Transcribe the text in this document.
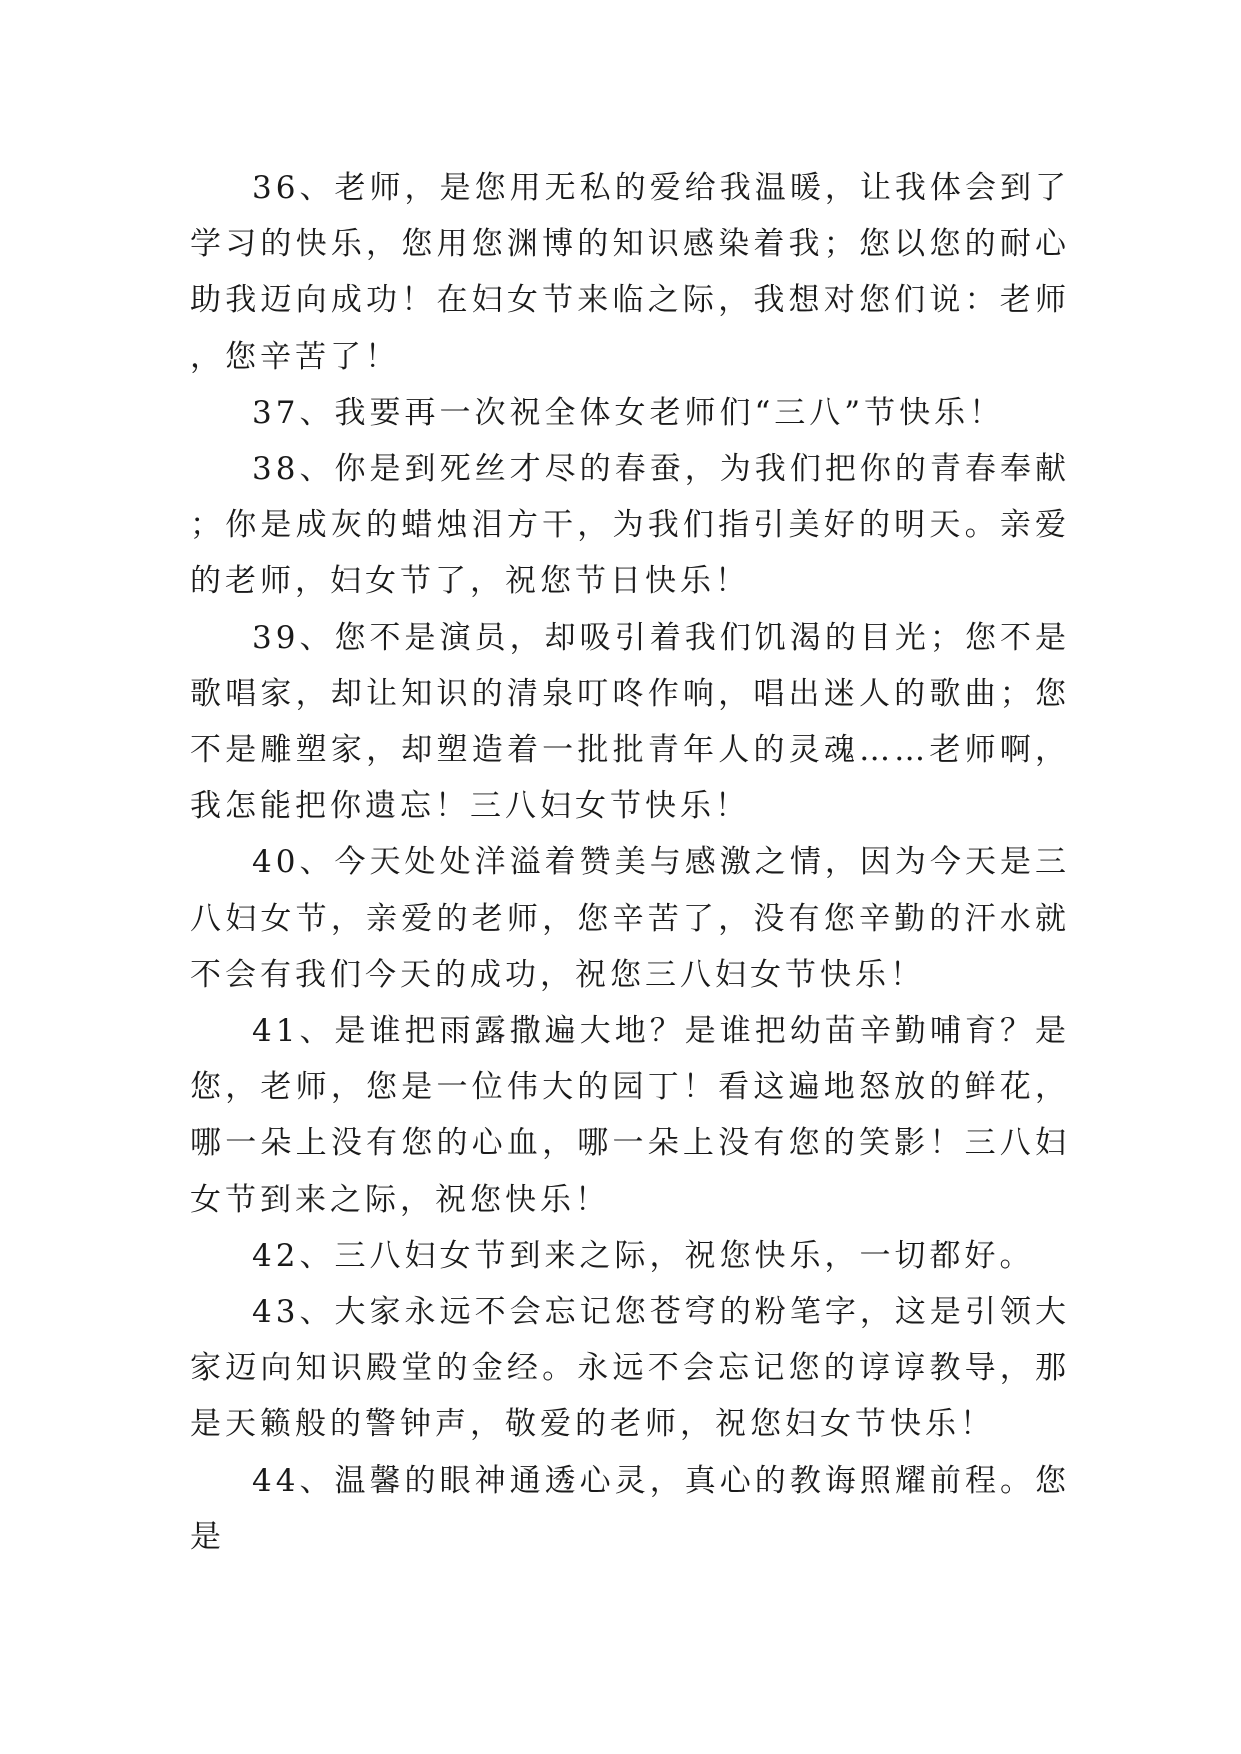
36、老师，是您用无私的爱给我温暖，让我体会到了学习的快乐，您用您渊博的知识感染着我；您以您的耐心助我迈向成功！在妇女节来临之际，我想对您们说：老师，您辛苦了！

37、我要再一次祝全体女老师们“三八”节快乐！

38、你是到死丝才尽的春蚕，为我们把你的青春奉献；你是成灰的蜡烛泪方干，为我们指引美好的明天。亲爱的老师，妇女节了，祝您节日快乐！

39、您不是演员，却吸引着我们饥渴的目光；您不是歌唱家，却让知识的清泉叮咚作响，唱出迷人的歌曲；您不是雕塑家，却塑造着一批批青年人的灵魂……老师啊，我怎能把你遗忘！三八妇女节快乐！

40、今天处处洋溢着赞美与感激之情，因为今天是三八妇女节，亲爱的老师，您辛苦了，没有您辛勤的汗水就不会有我们今天的成功，祝您三八妇女节快乐！

41、是谁把雨露撒遍大地？是谁把幼苗辛勤哺育？是您，老师，您是一位伟大的园丁！看这遍地怒放的鲜花，哪一朵上没有您的心血，哪一朵上没有您的笑影！三八妇女节到来之际，祝您快乐！

42、三八妇女节到来之际，祝您快乐，一切都好。

43、大家永远不会忘记您苍穹的粉笔字，这是引领大家迈向知识殿堂的金经。永远不会忘记您的谆谆教导，那是天籁般的警钟声，敬爱的老师，祝您妇女节快乐！

44、温馨的眼神通透心灵，真心的教诲照耀前程。您是
